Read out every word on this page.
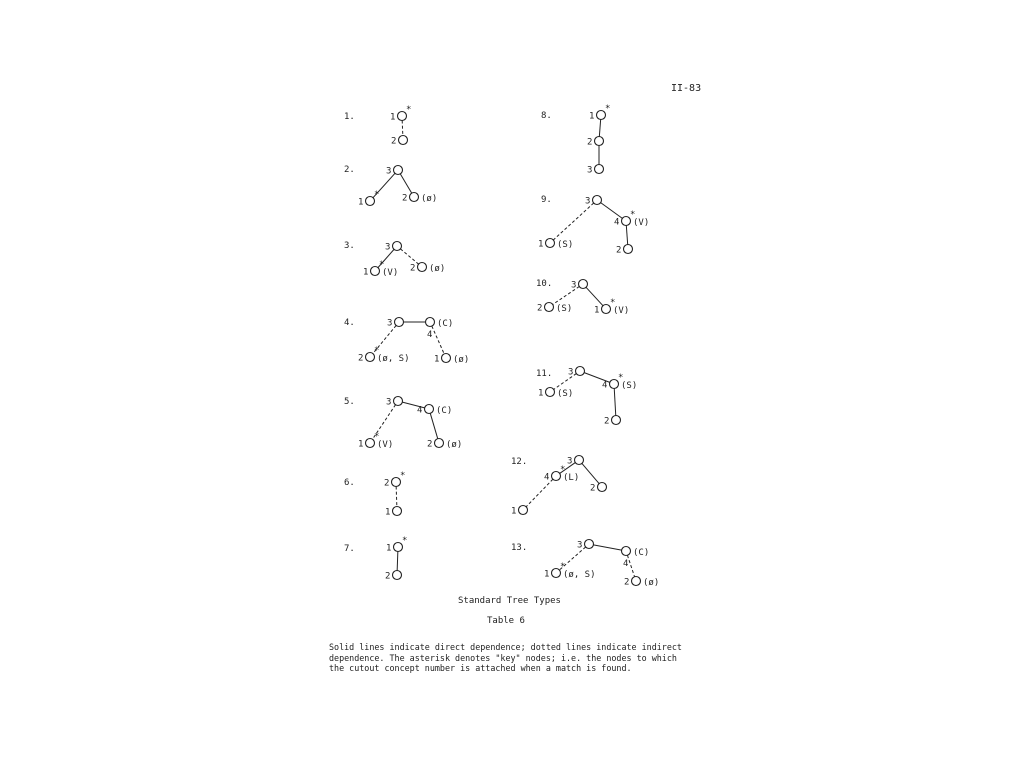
II-83
1.	1
*
2
2.	3
1
*	2 (ø)
3.	3
1
*
(V) 2 (ø)
4.	3
4
(C)
2
*
(ø, S)	1 (ø)
5.	3
4 (C)
1
*
(V)	2 (ø)
6.	2
*
1
7.	1
*
2
8.	1
*
2
3
9.	3
4
*
(V)
1 (S)
2
10. 3
2 (S) 1
*
(V)
11. 3
1 (S)
4
*
(S)
2
12.	3
4
*
(L)
2
1
13.	3
4
(C)
1
*
(ø, S)
2 (ø)
Standard Tree Types
Table 6
Solid lines indicate direct dependence; dotted lines indicate indirect
dependence. The asterisk denotes "key" nodes; i.e. the nodes to which
the cutout concept number is attached when a match is found.
